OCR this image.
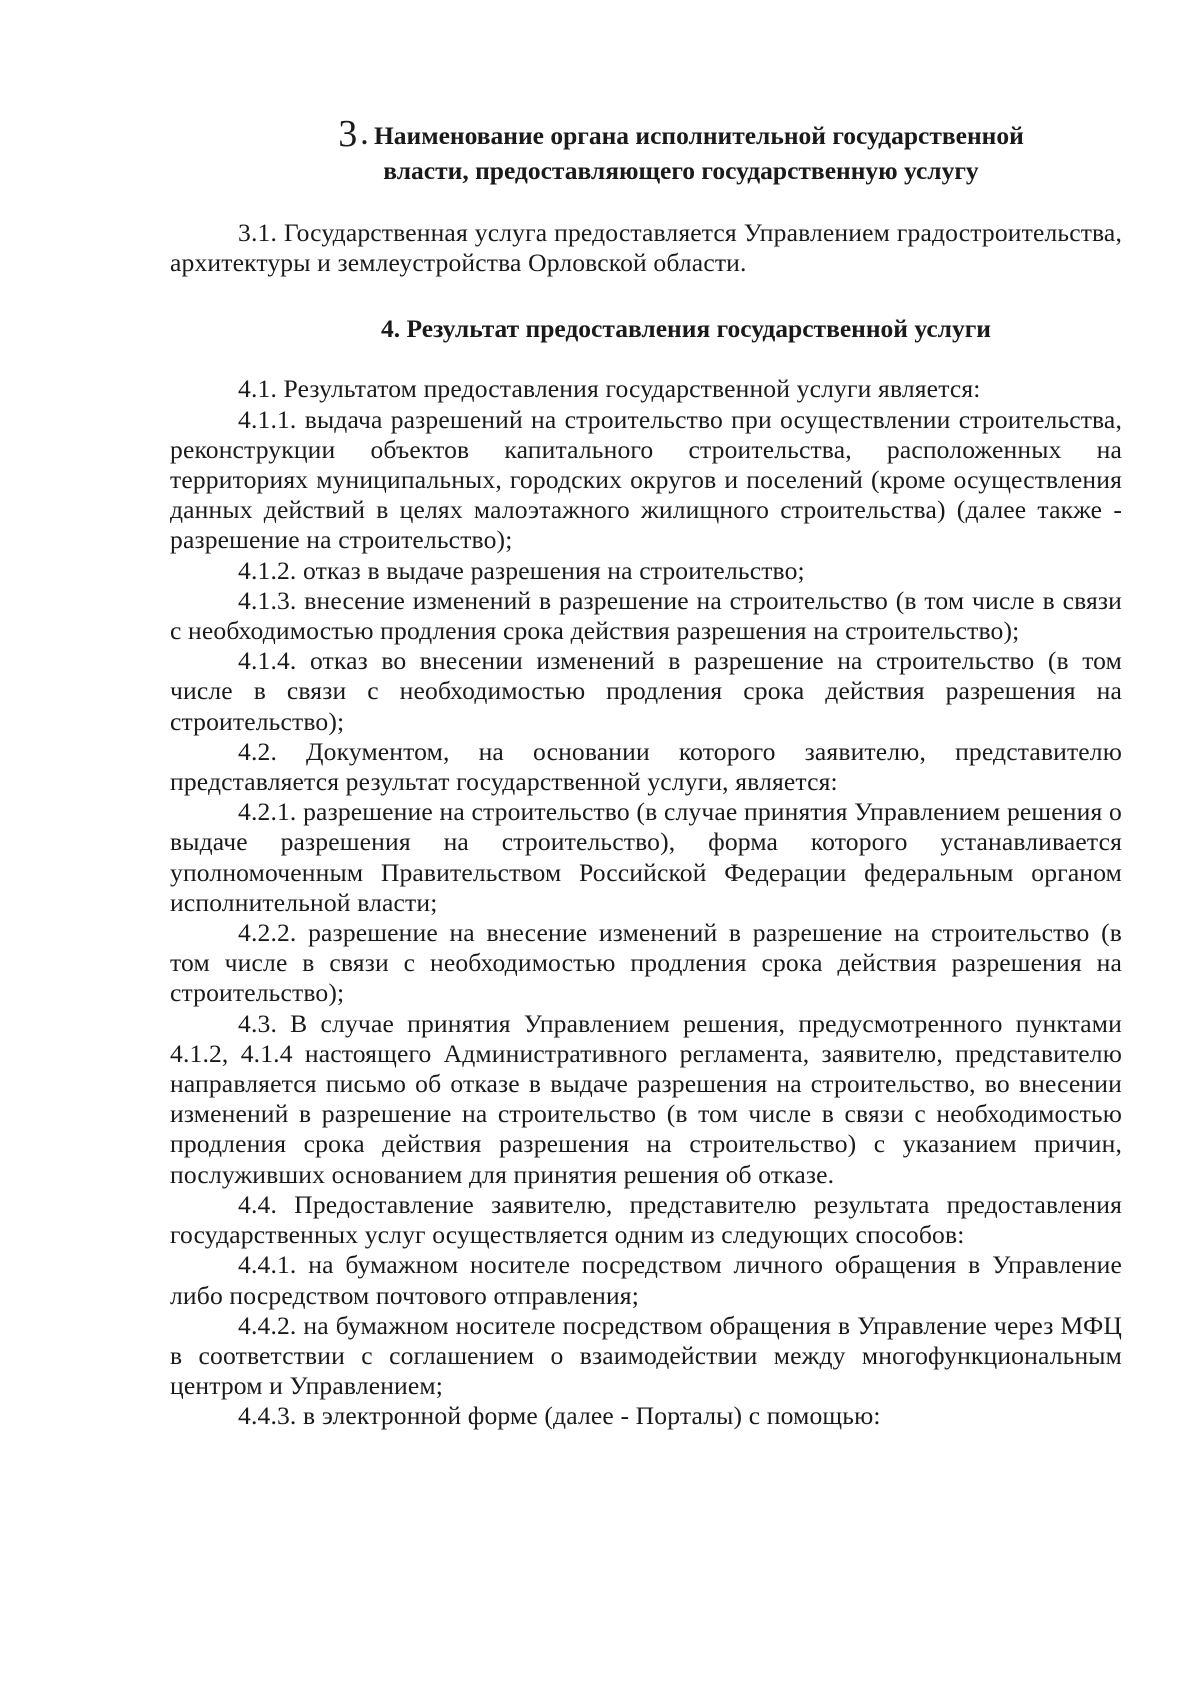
3 . Наименование органа исполнительной государственной
власти, предоставляющего государственную услугу

3.1. Государственная услуга предоставляется Управлением градостроительства, архитектуры и землеустройства Орловской области.

4. Результат предоставления государственной услуги

4.1. Результатом предоставления государственной услуги является:

4.1.1. выдача разрешений на строительство при осуществлении строительства, реконструкции объектов капитального строительства, расположенных на территориях муниципальных, городских округов и поселений (кроме осуществления данных действий в целях малоэтажного жилищного строительства) (далее также - разрешение на строительство);

4.1.2. отказ в выдаче разрешения на строительство;

4.1.3. внесение изменений в разрешение на строительство (в том числе в связи с необходимостью продления срока действия разрешения на строительство);

4.1.4. отказ во внесении изменений в разрешение на строительство (в том числе в связи с необходимостью продления срока действия разрешения на строительство);

4.2. Документом, на основании которого заявителю, представителю представляется результат государственной услуги, является:

4.2.1. разрешение на строительство (в случае принятия Управлением решения о выдаче разрешения на строительство), форма которого устанавливается уполномоченным Правительством Российской Федерации федеральным органом исполнительной власти;

4.2.2. разрешение на внесение изменений в разрешение на строительство (в том числе в связи с необходимостью продления срока действия разрешения на строительство);

4.3. В случае принятия Управлением решения, предусмотренного пунктами 4.1.2, 4.1.4 настоящего Административного регламента, заявителю, представителю направляется письмо об отказе в выдаче разрешения на строительство, во внесении изменений в разрешение на строительство (в том числе в связи с необходимостью продления срока действия разрешения на строительство) с указанием причин, послуживших основанием для принятия решения об отказе.

4.4. Предоставление заявителю, представителю результата предоставления государственных услуг осуществляется одним из следующих способов:

4.4.1. на бумажном носителе посредством личного обращения в Управление либо посредством почтового отправления;

4.4.2. на бумажном носителе посредством обращения в Управление через МФЦ в соответствии с соглашением о взаимодействии между многофункциональным центром и Управлением;

4.4.3. в электронной форме (далее - Порталы) с помощью:
